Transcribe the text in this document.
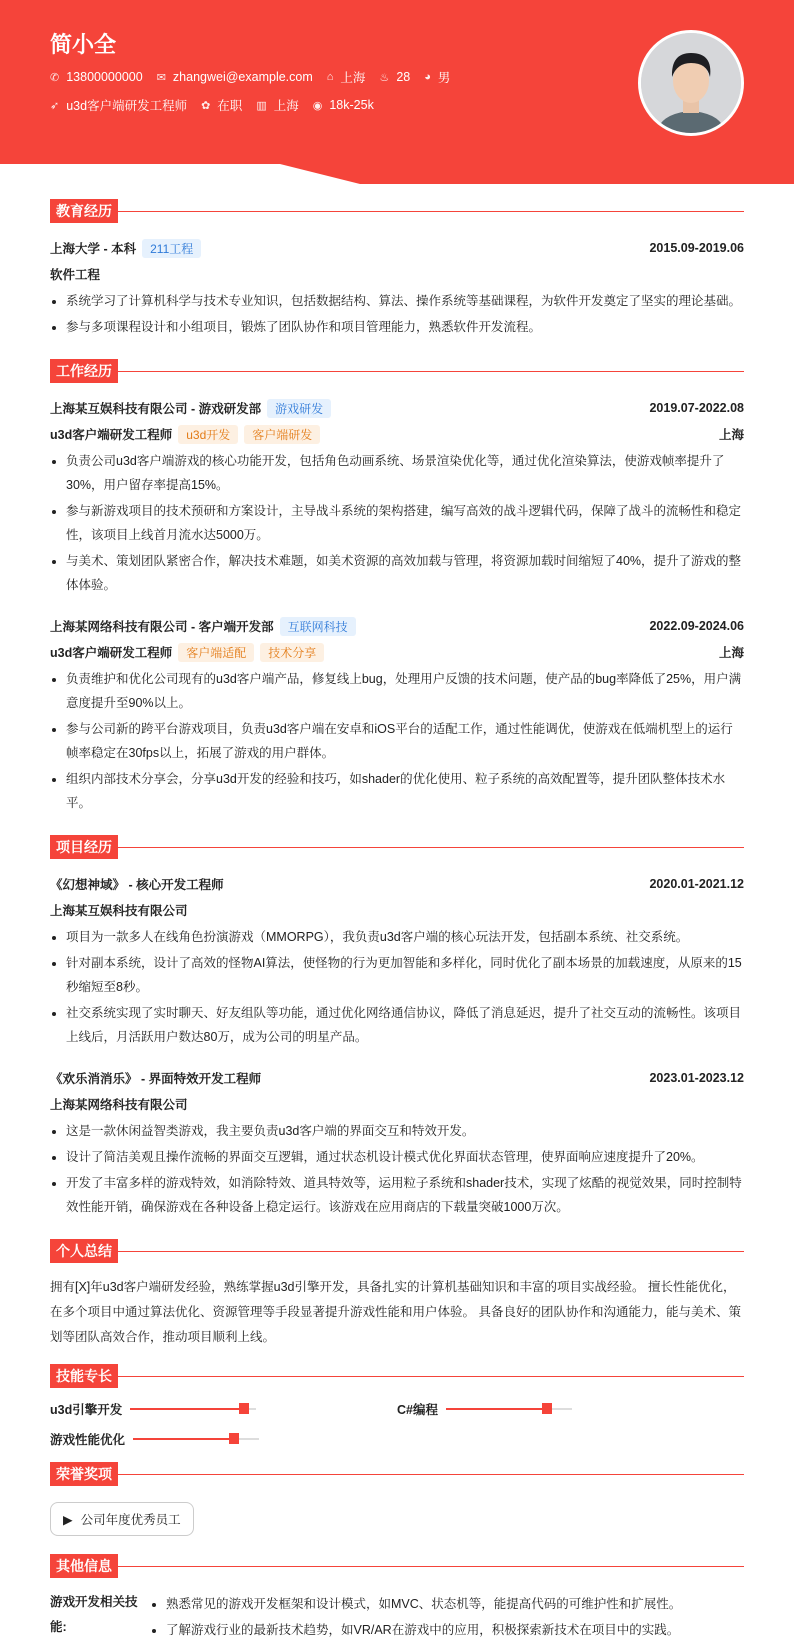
简小全
✆ 13800000000 ✉ zhangwei@example.com ⌂ 上海 ♨ 28 ◕ 男
➶ u3d客户端研发工程师 ✿ 在职 ▥ 上海 ◉ 18k-25k
教育经历
上海大学 - 本科	211工程	2015.09-2019.06
软件工程
系统学习了计算机科学与技术专业知识，包括数据结构、算法、操作系统等基础课程，为软件开发奠定了坚实的理论基础。
参与多项课程设计和小组项目，锻炼了团队协作和项目管理能力，熟悉软件开发流程。
工作经历
上海某互娱科技有限公司 - 游戏研发部	游戏研发	2019.07-2022.08
u3d客户端研发工程师	u3d开发	客户端研发	上海
负责公司u3d客户端游戏的核心功能开发，包括角色动画系统、场景渲染优化等，通过优化渲染算法，使游戏帧率提升了30%，用户留存率提高15%。
参与新游戏项目的技术预研和方案设计，主导战斗系统的架构搭建，编写高效的战斗逻辑代码，保障了战斗的流畅性和稳定性，该项目上线首月流水达5000万。
与美术、策划团队紧密合作，解决技术难题，如美术资源的高效加载与管理，将资源加载时间缩短了40%，提升了游戏的整体体验。
上海某网络科技有限公司 - 客户端开发部	互联网科技	2022.09-2024.06
u3d客户端研发工程师	客户端适配	技术分享	上海
负责维护和优化公司现有的u3d客户端产品，修复线上bug，处理用户反馈的技术问题，使产品的bug率降低了25%，用户满意度提升至90%以上。
参与公司新的跨平台游戏项目，负责u3d客户端在安卓和iOS平台的适配工作，通过性能调优，使游戏在低端机型上的运行帧率稳定在30fps以上，拓展了游戏的用户群体。
组织内部技术分享会，分享u3d开发的经验和技巧，如shader的优化使用、粒子系统的高效配置等，提升团队整体技术水平。
项目经历
《幻想神域》 - 核心开发工程师	2020.01-2021.12
上海某互娱科技有限公司
项目为一款多人在线角色扮演游戏（MMORPG），我负责u3d客户端的核心玩法开发，包括副本系统、社交系统。
针对副本系统，设计了高效的怪物AI算法，使怪物的行为更加智能和多样化，同时优化了副本场景的加载速度，从原来的15秒缩短至8秒。
社交系统实现了实时聊天、好友组队等功能，通过优化网络通信协议，降低了消息延迟，提升了社交互动的流畅性。该项目上线后，月活跃用户数达80万，成为公司的明星产品。
《欢乐消消乐》 - 界面特效开发工程师	2023.01-2023.12
上海某网络科技有限公司
这是一款休闲益智类游戏，我主要负责u3d客户端的界面交互和特效开发。
设计了简洁美观且操作流畅的界面交互逻辑，通过状态机设计模式优化界面状态管理，使界面响应速度提升了20%。
开发了丰富多样的游戏特效，如消除特效、道具特效等，运用粒子系统和shader技术，实现了炫酷的视觉效果，同时控制特效性能开销，确保游戏在各种设备上稳定运行。该游戏在应用商店的下载量突破1000万次。
个人总结

拥有[X]年u3d客户端研发经验，熟练掌握u3d引擎开发，具备扎实的计算机基础知识和丰富的项目实战经验。 擅长性能优化，在多个项目中通过算法优化、资源管理等手段显著提升游戏性能和用户体验。 具备良好的团队协作和沟通能力，能与美术、策划等团队高效合作，推动项目顺利上线。

技能专长
u3d引擎开发	C#编程
游戏性能优化
荣誉奖项
▶ 公司年度优秀员工
其他信息
游戏开发相关技能:
熟悉常见的游戏开发框架和设计模式，如MVC、状态机等，能提高代码的可维护性和扩展性。
了解游戏行业的最新技术趋势，如VR/AR在游戏中的应用，积极探索新技术在项目中的实践。
